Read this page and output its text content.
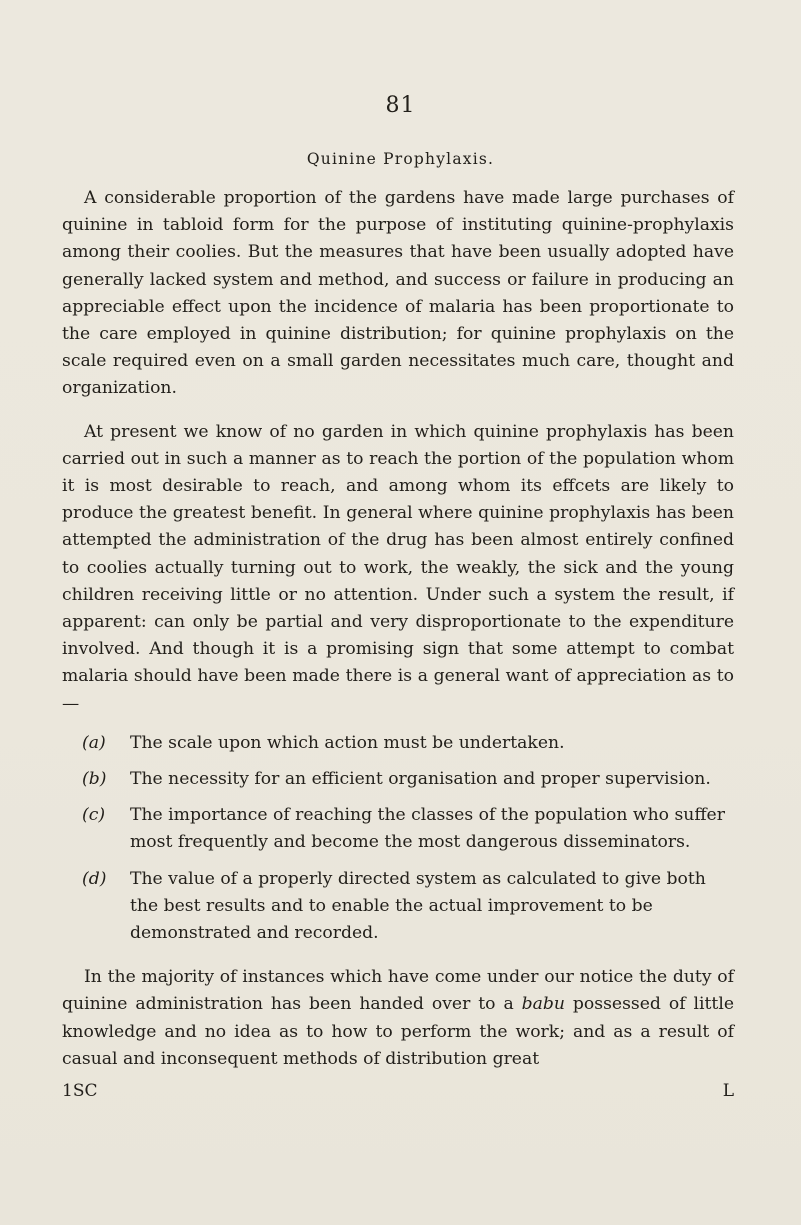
81
Quinine Prophylaxis.

A considerable proportion of the gardens have made large purchases of quinine in tabloid form for the purpose of instituting quinine-prophylaxis among their coolies. But the measures that have been usually adopted have generally lacked system and method, and success or failure in producing an appreciable effect upon the incidence of malaria has been proportionate to the care employed in quinine distribution; for quinine prophylaxis on the scale required even on a small garden necessitates much care, thought and organization.

At present we know of no garden in which quinine prophylaxis has been carried out in such a manner as to reach the portion of the population whom it is most desirable to reach, and among whom its effcets are likely to produce the greatest benefit. In general where quinine prophylaxis has been attempted the administration of the drug has been almost entirely confined to coolies actually turning out to work, the weakly, the sick and the young children receiving little or no attention. Under such a system the result, if apparent: can only be partial and very disproportionate to the expenditure involved. And though it is a promising sign that some attempt to combat malaria should have been made there is a general want of appreciation as to—

(a)	The scale upon which action must be undertaken.
(b)	The necessity for an efficient organisation and proper supervision.
(c)	The importance of reaching the classes of the population who suffer most frequently and become the most dangerous disseminators.
(d)	The value of a properly directed system as calculated to give both the best results and to enable the actual improvement to be demonstrated and recorded.

In the majority of instances which have come under our notice the duty of quinine administration has been handed over to a babu possessed of little knowledge and no idea as to how to perform the work; and as a result of casual and inconsequent methods of distribution great

1SC	L
